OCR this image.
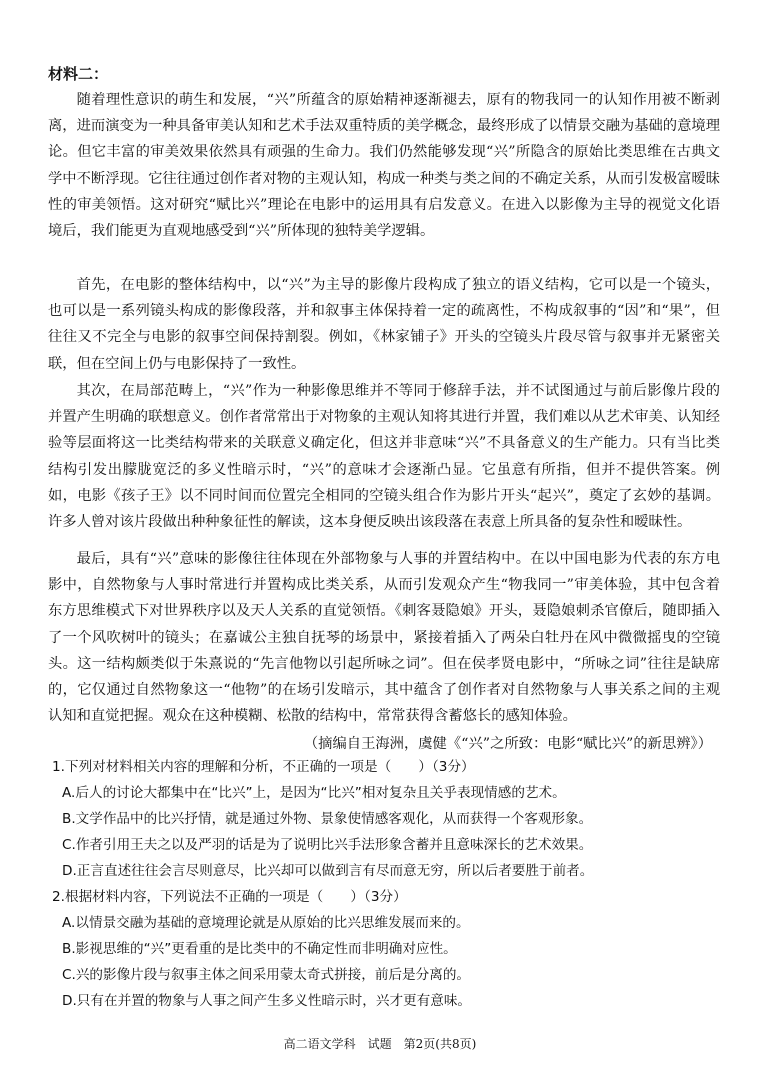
材料二：

随着理性意识的萌生和发展，“兴”所蕴含的原始精神逐渐褪去，原有的物我同一的认知作用被不断剥离，进而演变为一种具备审美认知和艺术手法双重特质的美学概念，最终形成了以情景交融为基础的意境理论。但它丰富的审美效果依然具有顽强的生命力。我们仍然能够发现“兴”所隐含的原始比类思维在古典文学中不断浮现。它往往通过创作者对物的主观认知，构成一种类与类之间的不确定关系，从而引发极富暧昧性的审美领悟。这对研究“赋比兴”理论在电影中的运用具有启发意义。在进入以影像为主导的视觉文化语境后，我们能更为直观地感受到“兴”所体现的独特美学逻辑。

首先，在电影的整体结构中，以“兴”为主导的影像片段构成了独立的语义结构，它可以是一个镜头，也可以是一系列镜头构成的影像段落，并和叙事主体保持着一定的疏离性，不构成叙事的“因”和“果”，但往往又不完全与电影的叙事空间保持割裂。例如，《林家铺子》开头的空镜头片段尽管与叙事并无紧密关联，但在空间上仍与电影保持了一致性。

其次，在局部范畴上，“兴”作为一种影像思维并不等同于修辞手法，并不试图通过与前后影像片段的并置产生明确的联想意义。创作者常常出于对物象的主观认知将其进行并置，我们难以从艺术审美、认知经验等层面将这一比类结构带来的关联意义确定化，但这并非意味“兴”不具备意义的生产能力。只有当比类结构引发出朦胧宽泛的多义性暗示时，“兴”的意味才会逐渐凸显。它虽意有所指，但并不提供答案。例如，电影《孩子王》以不同时间而位置完全相同的空镜头组合作为影片开头“起兴”，奠定了玄妙的基调。许多人曾对该片段做出种种象征性的解读，这本身便反映出该段落在表意上所具备的复杂性和暧昧性。

最后，具有“兴”意味的影像往往体现在外部物象与人事的并置结构中。在以中国电影为代表的东方电影中，自然物象与人事时常进行并置构成比类关系，从而引发观众产生“物我同一”审美体验，其中包含着东方思维模式下对世界秩序以及天人关系的直觉领悟。《刺客聂隐娘》开头，聂隐娘刺杀官僚后，随即插入了一个风吹树叶的镜头；在嘉诚公主独自抚琴的场景中，紧接着插入了两朵白牡丹在风中微微摇曳的空镜头。这一结构颇类似于朱熹说的“先言他物以引起所咏之词”。但在侯孝贤电影中，“所咏之词”往往是缺席的，它仅通过自然物象这一“他物”的在场引发暗示，其中蕴含了创作者对自然物象与人事关系之间的主观认知和直觉把握。观众在这种模糊、松散的结构中，常常获得含蓄悠长的感知体验。

（摘编自王海洲，虞健《“兴”之所致：电影“赋比兴”的新思辨》）
1.下列对材料相关内容的理解和分析，不正确的一项是（　　）（3分）
A.后人的讨论大都集中在“比兴”上，是因为“比兴”相对复杂且关乎表现情感的艺术。
B.文学作品中的比兴抒情，就是通过外物、景象使情感客观化，从而获得一个客观形象。
C.作者引用王夫之以及严羽的话是为了说明比兴手法形象含蓄并且意味深长的艺术效果。
D.正言直述往往会言尽则意尽，比兴却可以做到言有尽而意无穷，所以后者要胜于前者。
2.根据材料内容，下列说法不正确的一项是（　　）（3分）
A.以情景交融为基础的意境理论就是从原始的比兴思维发展而来的。
B.影视思维的“兴”更看重的是比类中的不确定性而非明确对应性。
C.兴的影像片段与叙事主体之间采用蒙太奇式拼接，前后是分离的。
D.只有在并置的物象与人事之间产生多义性暗示时，兴才更有意味。
高二语文学科　试题　第2页(共8页)
